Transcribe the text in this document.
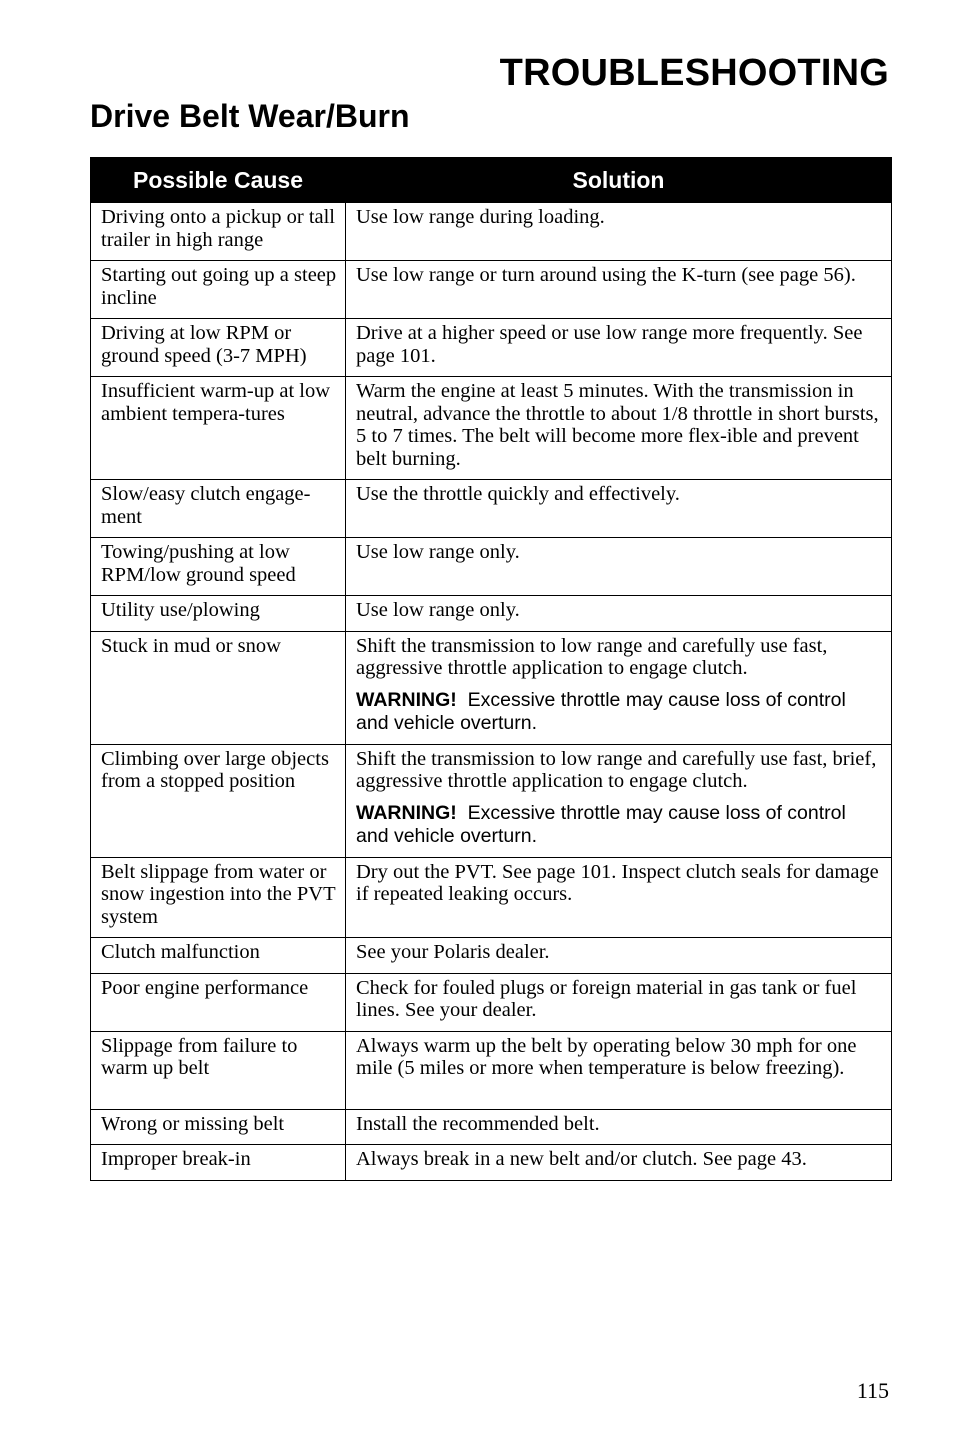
TROUBLESHOOTING
Drive Belt Wear/Burn
Possible Cause	Solution
Driving onto a pickup or tall trailer in high range	Use low range during loading.
Starting out going up a steep incline	Use low range or turn around using the K-turn (see page 56).
Driving at low RPM or ground speed (3-7 MPH)	Drive at a higher speed or use low range more frequently. See page 101.
Insufficient warm-up at low ambient tempera-tures	Warm the engine at least 5 minutes. With the transmission in neutral, advance the throttle to about 1/8 throttle in short bursts, 5 to 7 times. The belt will become more flex-ible and prevent belt burning.
Slow/easy clutch engage-ment	Use the throttle quickly and effectively.
Towing/pushing at low RPM/low ground speed	Use low range only.
Utility use/plowing	Use low range only.
Stuck in mud or snow	Shift the transmission to low range and carefully use fast, aggressive throttle application to engage clutch.
WARNING! Excessive throttle may cause loss of control and vehicle overturn.

Climbing over large objects from a stopped position	Shift the transmission to low range and carefully use fast, brief, aggressive throttle application to engage clutch.
WARNING! Excessive throttle may cause loss of control and vehicle overturn.

Belt slippage from water or snow ingestion into the PVT system	Dry out the PVT. See page 101. Inspect clutch seals for damage if repeated leaking occurs.
Clutch malfunction	See your Polaris dealer.
Poor engine performance	Check for fouled plugs or foreign material in gas tank or fuel lines. See your dealer.
Slippage from failure to warm up belt	Always warm up the belt by operating below 30 mph for one mile (5 miles or more when temperature is below freezing).
Wrong or missing belt	Install the recommended belt.
Improper break-in	Always break in a new belt and/or clutch. See page 43.
115
